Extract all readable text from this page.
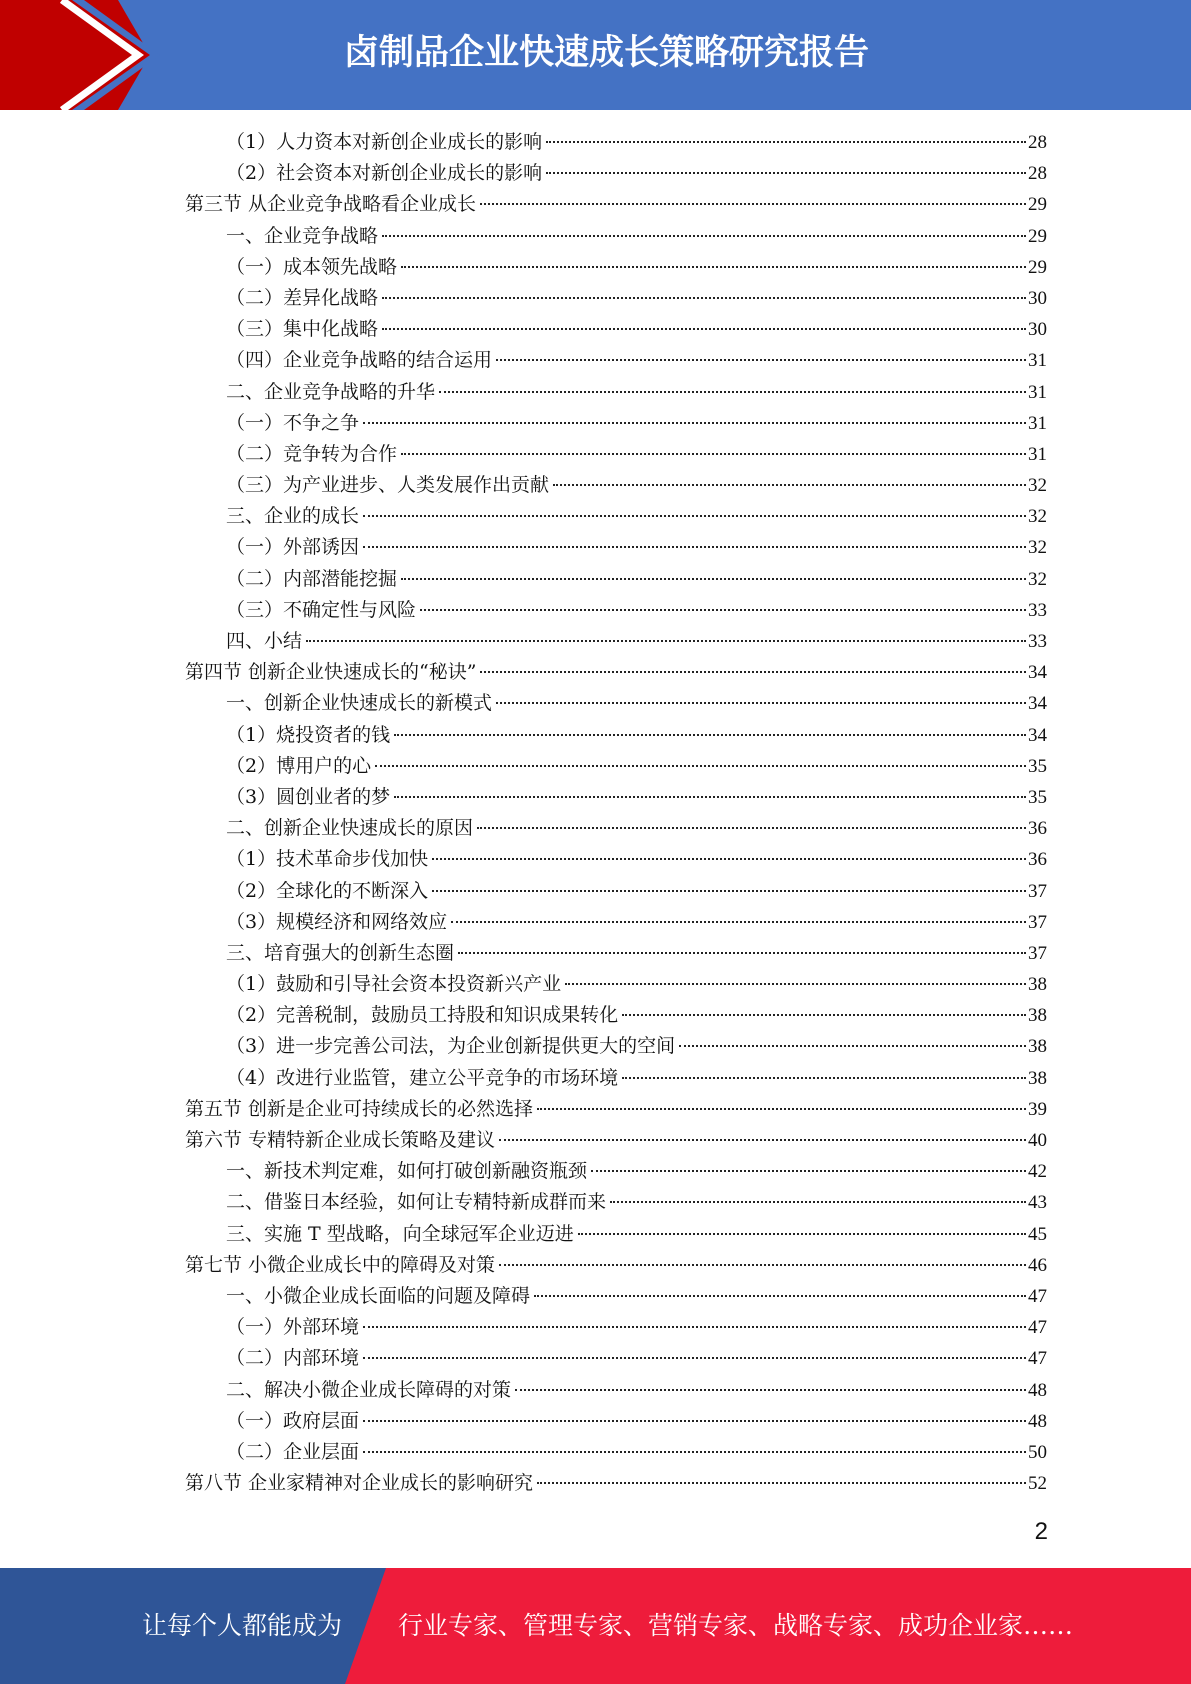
卤制品企业快速成长策略研究报告
（1）人力资本对新创企业成长的影响	28
（2）社会资本对新创企业成长的影响	28
第三节 从企业竞争战略看企业成长	29
一、企业竞争战略	29
（一）成本领先战略	29
（二）差异化战略	30
（三）集中化战略	30
（四）企业竞争战略的结合运用	31
二、企业竞争战略的升华	31
（一）不争之争	31
（二）竞争转为合作	31
（三）为产业进步、人类发展作出贡献	32
三、企业的成长	32
（一）外部诱因	32
（二）内部潜能挖掘	32
（三）不确定性与风险	33
四、小结	33
第四节 创新企业快速成长的“秘诀”	34
一、创新企业快速成长的新模式	34
（1）烧投资者的钱	34
（2）博用户的心	35
（3）圆创业者的梦	35
二、创新企业快速成长的原因	36
（1）技术革命步伐加快	36
（2）全球化的不断深入	37
（3）规模经济和网络效应	37
三、培育强大的创新生态圈	37
（1）鼓励和引导社会资本投资新兴产业	38
（2）完善税制，鼓励员工持股和知识成果转化	38
（3）进一步完善公司法，为企业创新提供更大的空间	38
（4）改进行业监管，建立公平竞争的市场环境	38
第五节 创新是企业可持续成长的必然选择	39
第六节 专精特新企业成长策略及建议	40
一、新技术判定难，如何打破创新融资瓶颈	42
二、借鉴日本经验，如何让专精特新成群而来	43
三、实施 T 型战略，向全球冠军企业迈进	45
第七节 小微企业成长中的障碍及对策	46
一、小微企业成长面临的问题及障碍	47
（一）外部环境	47
（二）内部环境	47
二、解决小微企业成长障碍的对策	48
（一）政府层面	48
（二）企业层面	50
第八节 企业家精神对企业成长的影响研究	52
2
让每个人都能成为 行业专家、管理专家、营销专家、战略专家、成功企业家……
